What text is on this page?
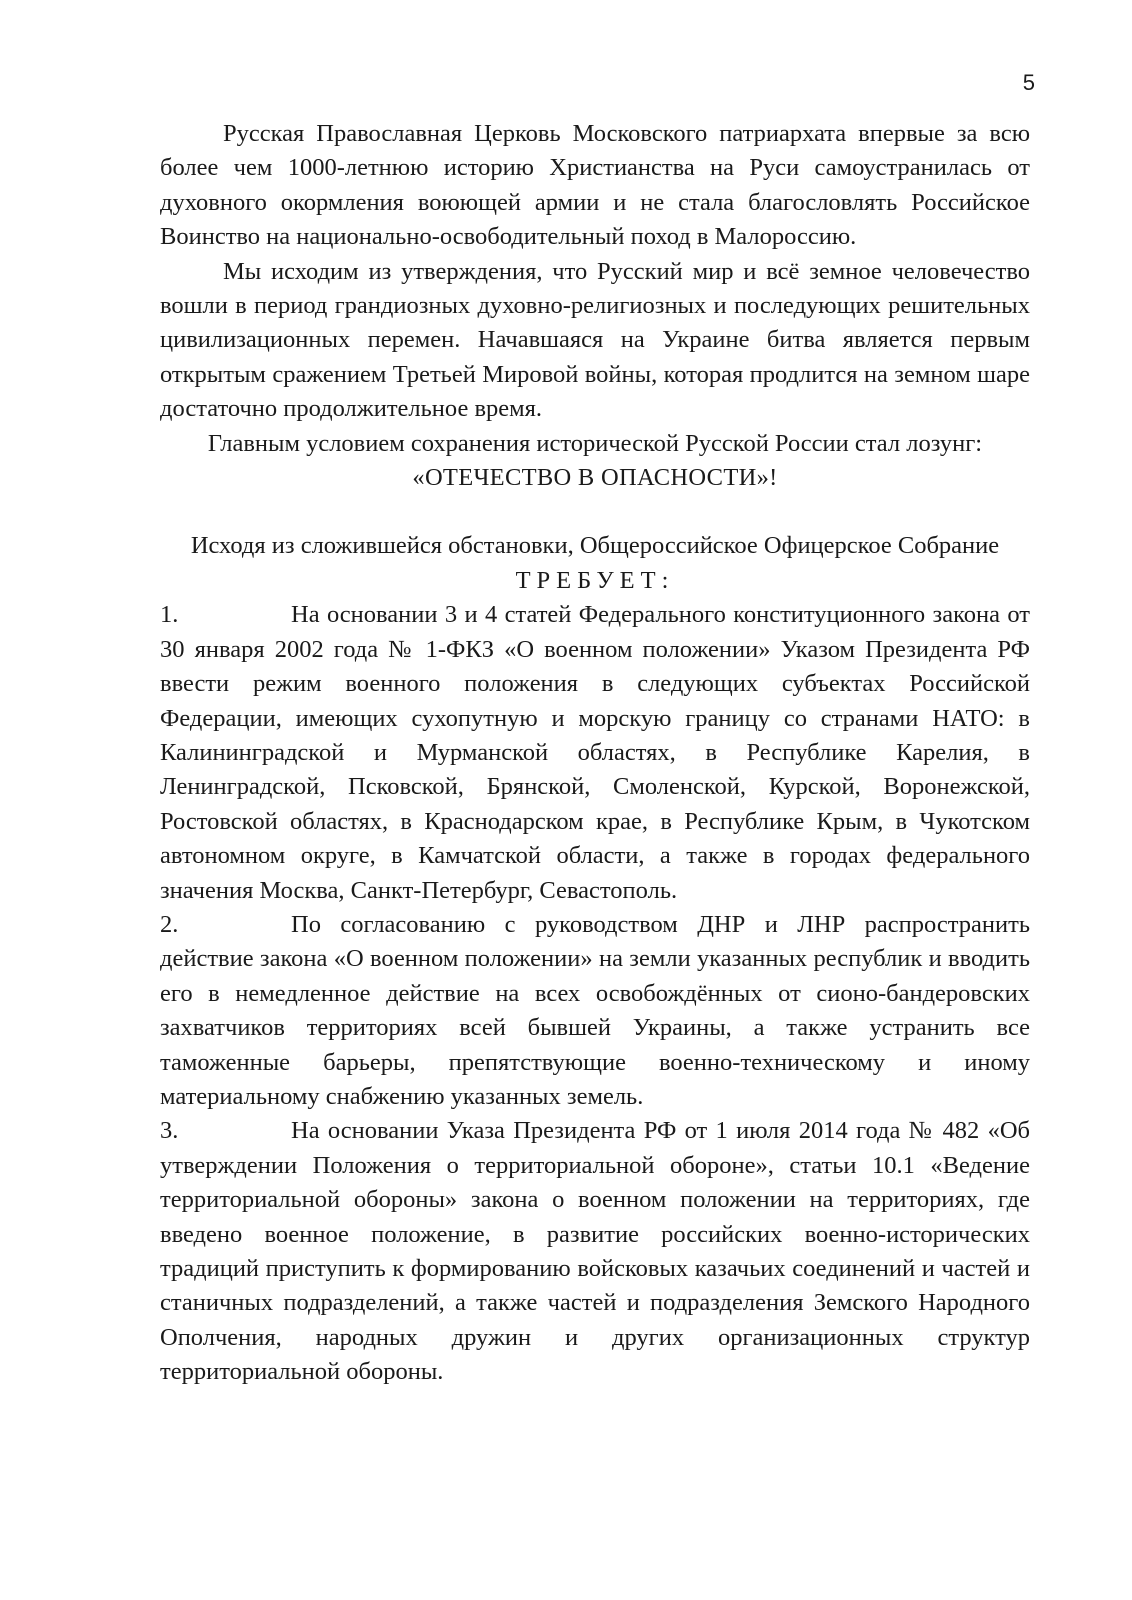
5

Русская Православная Церковь Московского патриархата впервые за всю более чем 1000-летнюю историю Христианства на Руси самоустранилась от духовного окормления воюющей армии и не стала благословлять Российское Воинство на национально-освободительный поход в Малороссию.

Мы исходим из утверждения, что Русский мир и всё земное человечество вошли в период грандиозных духовно-религиозных и последующих решительных цивилизационных перемен. Начавшаяся на Украине битва является первым открытым сражением Третьей Мировой войны, которая продлится на земном шаре достаточно продолжительное время.

Главным условием сохранения исторической Русской России стал лозунг:

«ОТЕЧЕСТВО В ОПАСНОСТИ»!

Исходя из сложившейся обстановки, Общероссийское Офицерское Собрание

ТРЕБУЕТ:

1.	На основании 3 и 4 статей Федерального конституционного закона от 30 января 2002 года № 1-ФКЗ «О военном положении» Указом Президента РФ ввести режим военного положения в следующих субъектах Российской Федерации, имеющих сухопутную и морскую границу со странами НАТО: в Калининградской и Мурманской областях, в Республике Карелия, в Ленинградской, Псковской, Брянской, Смоленской, Курской, Воронежской, Ростовской областях, в Краснодарском крае, в Республике Крым, в Чукотском автономном округе, в Камчатской области, а также в городах федерального значения Москва, Санкт-Петербург, Севастополь.

2.	По согласованию с руководством ДНР и ЛНР распространить действие закона «О военном положении» на земли указанных республик и вводить его в немедленное действие на всех освобождённых от сионо-бандеровских захватчиков территориях всей бывшей Украины, а также устранить все таможенные барьеры, препятствующие военно-техническому и иному материальному снабжению указанных земель.

3.	На основании Указа Президента РФ от 1 июля 2014 года № 482 «Об утверждении Положения о территориальной обороне», статьи 10.1 «Ведение территориальной обороны» закона о военном положении на территориях, где введено военное положение, в развитие российских военно-исторических традиций приступить к формированию войсковых казачьих соединений и частей и станичных подразделений, а также частей и подразделения Земского Народного Ополчения, народных дружин и других организационных структур территориальной обороны.
